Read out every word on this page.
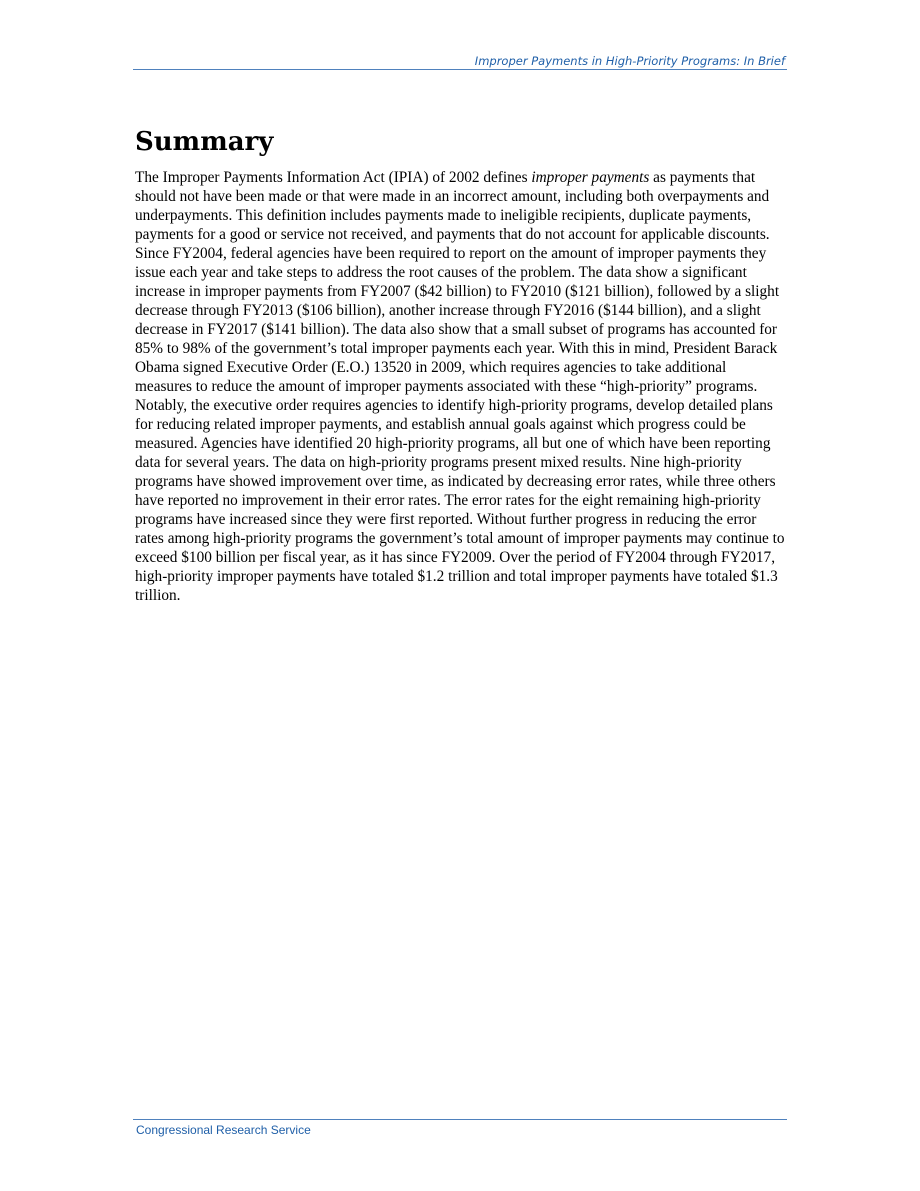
Improper Payments in High-Priority Programs: In Brief
Summary

The Improper Payments Information Act (IPIA) of 2002 defines improper payments as payments that should not have been made or that were made in an incorrect amount, including both overpayments and underpayments. This definition includes payments made to ineligible recipients, duplicate payments, payments for a good or service not received, and payments that do not account for applicable discounts. Since FY2004, federal agencies have been required to report on the amount of improper payments they issue each year and take steps to address the root causes of the problem. The data show a significant increase in improper payments from FY2007 ($42 billion) to FY2010 ($121 billion), followed by a slight decrease through FY2013 ($106 billion), another increase through FY2016 ($144 billion), and a slight decrease in FY2017 ($141 billion). The data also show that a small subset of programs has accounted for 85% to 98% of the government’s total improper payments each year. With this in mind, President Barack Obama signed Executive Order (E.O.) 13520 in 2009, which requires agencies to take additional measures to reduce the amount of improper payments associated with these “high-priority” programs. Notably, the executive order requires agencies to identify high-priority programs, develop detailed plans for reducing related improper payments, and establish annual goals against which progress could be measured. Agencies have identified 20 high-priority programs, all but one of which have been reporting data for several years. The data on high-priority programs present mixed results. Nine high-priority programs have showed improvement over time, as indicated by decreasing error rates, while three others have reported no improvement in their error rates. The error rates for the eight remaining high-priority programs have increased since they were first reported. Without further progress in reducing the error rates among high-priority programs the government’s total amount of improper payments may continue to exceed $100 billion per fiscal year, as it has since FY2009. Over the period of FY2004 through FY2017, high-priority improper payments have totaled $1.2 trillion and total improper payments have totaled $1.3 trillion.

Congressional Research Service
